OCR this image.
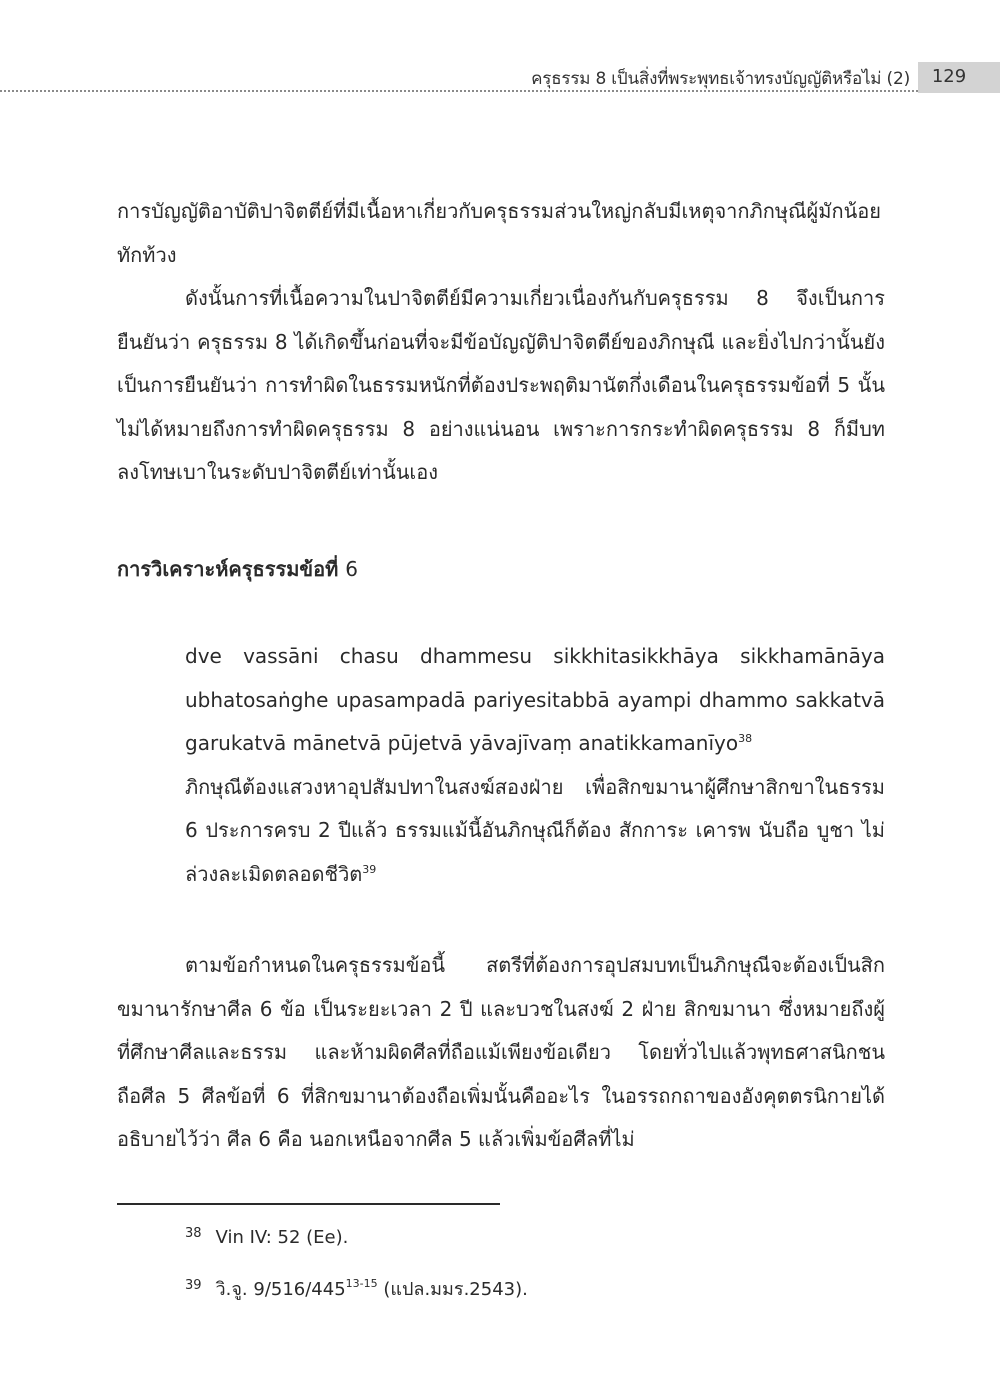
ครุธรรม 8 เป็นสิ่งที่พระพุทธเจ้าทรงบัญญัติหรือไม่ (2)	129

การบัญญัติอาบัติปาจิตตีย์ที่มีเนื้อหาเกี่ยวกับครุธรรมส่วนใหญ่กลับมีเหตุจากภิกษุณีผู้มักน้อยทักท้วง

ดังนั้นการที่เนื้อความในปาจิตตีย์มีความเกี่ยวเนื่องกันกับครุธรรม 8 จึงเป็นการยืนยันว่า ครุธรรม 8 ได้เกิดขึ้นก่อนที่จะมีข้อบัญญัติปาจิตตีย์ของภิกษุณี และยิ่งไปกว่านั้นยังเป็นการยืนยันว่า การทำผิดในธรรมหนักที่ต้องประพฤติมานัตกึ่งเดือนในครุธรรมข้อที่ 5 นั้นไม่ได้หมายถึงการทำผิดครุธรรม 8 อย่างแน่นอน เพราะการกระทำผิดครุธรรม 8 ก็มีบทลงโทษเบาในระดับปาจิตตีย์เท่านั้นเอง

การวิเคราะห์ครุธรรมข้อที่ 6
dve vassāni chasu dhammesu sikkhitasikkhāya sikkhamānāya ubhatosaṅghe upasampadā pariyesitabbā ayampi dhammo sakkatvā garukatvā mānetvā pūjetvā yāvajīvaṃ anatikkamanīyo$^{38}$
ภิกษุณีต้องแสวงหาอุปสัมปทาในสงฆ์สองฝ่าย เพื่อสิกขมานาผู้ศึกษาสิกขาในธรรม 6 ประการครบ 2 ปีแล้ว ธรรมแม้นี้อันภิกษุณีก็ต้อง สักการะ เคารพ นับถือ บูชา ไม่ล่วงละเมิดตลอดชีวิต$^{39}$

ตามข้อกำหนดในครุธรรมข้อนี้ สตรีที่ต้องการอุปสมบทเป็นภิกษุณีจะต้องเป็นสิกขมานารักษาศีล 6 ข้อ เป็นระยะเวลา 2 ปี และบวชในสงฆ์ 2 ฝ่าย สิกขมานา ซึ่งหมายถึงผู้ที่ศึกษาศีลและธรรม และห้ามผิดศีลที่ถือแม้เพียงข้อเดียว โดยทั่วไปแล้วพุทธศาสนิกชนถือศีล 5 ศีลข้อที่ 6 ที่สิกขมานาต้องถือเพิ่มนั้นคืออะไร ในอรรถกถาของอังคุตตรนิกายได้อธิบายไว้ว่า ศีล 6 คือ นอกเหนือจากศีล 5 แล้วเพิ่มข้อศีลที่ไม่

$^{38}$ Vin IV: 52 (Ee).

$^{39}$ วิ.จู. 9/516/445$^{13-15}$ (แปล.มมร.2543).
